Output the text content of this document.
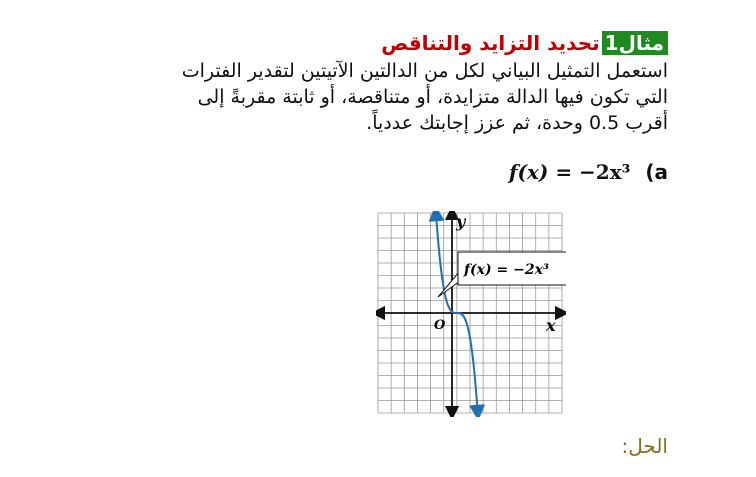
مثال1تحديد التزايد والتناقص

استعمل التمثيل البياني لكل من الدالتين الآتيتين لتقدير الفترات
التي تكون فيها الدالة متزايدة، أو متناقصة، أو ثابتة مقربةً إلى
أقرب 0.5 وحدة، ثم عزز إجابتك عددياً.

f(x) = −2x³ (a
f(x) = −2x³
y
x
O
الحل:
